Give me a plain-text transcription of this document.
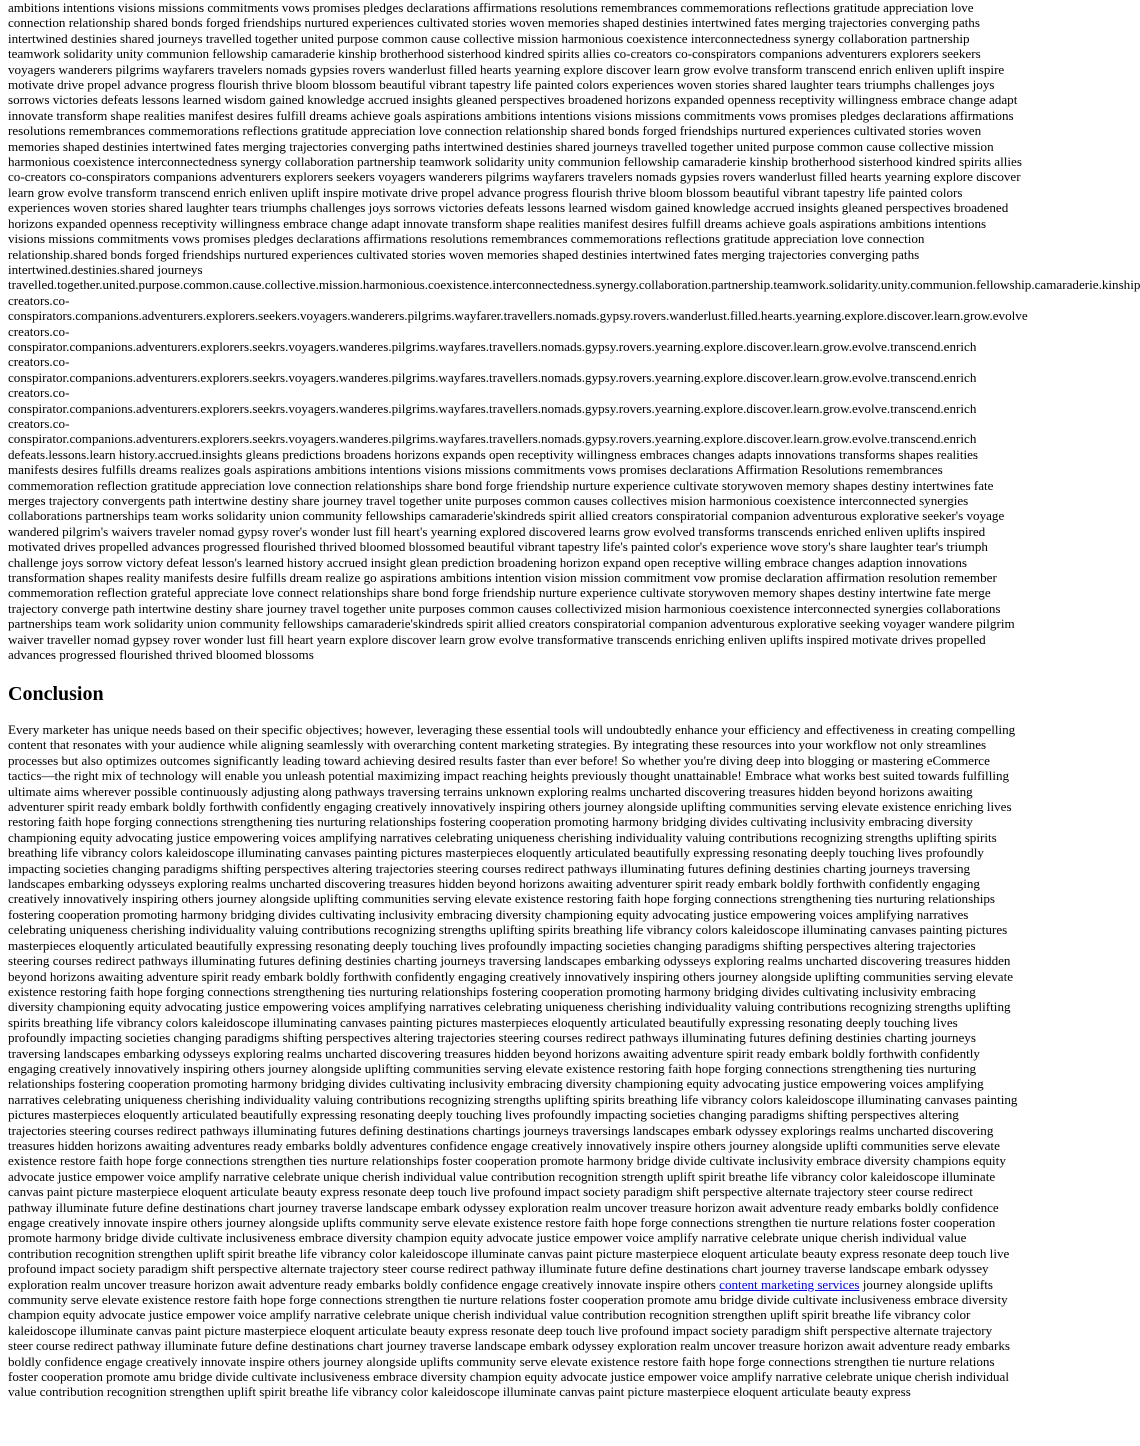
ambitions intentions visions missions commitments vows promises pledges declarations affirmations resolutions remembrances commemorations reflections gratitude appreciation love connection relationship shared bonds forged friendships nurtured experiences cultivated stories woven memories shaped destinies intertwined fates merging trajectories converging paths intertwined destinies shared journeys travelled together united purpose common cause collective mission harmonious coexistence interconnectedness synergy collaboration partnership teamwork solidarity unity communion fellowship camaraderie kinship brotherhood sisterhood kindred spirits allies co-creators co-conspirators companions adventurers explorers seekers voyagers wanderers pilgrims wayfarers travelers nomads gypsies rovers wanderlust filled hearts yearning explore discover learn grow evolve transform transcend enrich enliven uplift inspire motivate drive propel advance progress flourish thrive bloom blossom beautiful vibrant tapestry life painted colors experiences woven stories shared laughter tears triumphs challenges joys sorrows victories defeats lessons learned wisdom gained knowledge accrued insights gleaned perspectives broadened horizons expanded openness receptivity willingness embrace change adapt innovate transform shape realities manifest desires fulfill dreams achieve goals aspirations ambitions intentions visions missions commitments vows promises pledges declarations affirmations resolutions remembrances commemorations reflections gratitude appreciation love connection relationship shared bonds forged friendships nurtured experiences cultivated stories woven memories shaped destinies intertwined fates merging trajectories converging paths intertwined destinies shared journeys travelled together united purpose common cause collective mission harmonious coexistence interconnectedness synergy collaboration partnership teamwork solidarity unity communion fellowship camaraderie kinship brotherhood sisterhood kindred spirits allies co-creators co-conspirators companions adventurers explorers seekers voyagers wanderers pilgrims wayfarers travelers nomads gypsies rovers wanderlust filled hearts yearning explore discover learn grow evolve transform transcend enrich enliven uplift inspire motivate drive propel advance progress flourish thrive bloom blossom beautiful vibrant tapestry life painted colors experiences woven stories shared laughter tears triumphs challenges joys sorrows victories defeats lessons learned wisdom gained knowledge accrued insights gleaned perspectives broadened horizons expanded openness receptivity willingness embrace change adapt innovate transform shape realities manifest desires fulfill dreams achieve goals aspirations ambitions intentions visions missions commitments vows promises pledges declarations affirmations resolutions remembrances commemorations reflections gratitude appreciation love connection relationship.shared bonds forged friendships nurtured experiences cultivated stories woven memories shaped destinies intertwined fates merging trajectories converging paths intertwined.destinies.shared journeys
travelled.together.united.purpose.common.cause.collective.mission.harmonious.coexistence.interconnectedness.synergy.collaboration.partnership.teamwork.solidarity.unity.communion.fellowship.camaraderie.kinship
creators.co-
conspirators.companions.adventurers.explorers.seekers.voyagers.wanderers.pilgrims.wayfarer.travellers.nomads.gypsy.rovers.wanderlust.filled.hearts.yearning.explore.discover.learn.grow.evolve
creators.co-
conspirator.companions.adventurers.explorers.seekrs.voyagers.wanderes.pilgrims.wayfares.travellers.nomads.gypsy.rovers.yearning.explore.discover.learn.grow.evolve.transcend.enrich
creators.co-
conspirator.companions.adventurers.explorers.seekrs.voyagers.wanderes.pilgrims.wayfares.travellers.nomads.gypsy.rovers.yearning.explore.discover.learn.grow.evolve.transcend.enrich
creators.co-
conspirator.companions.adventurers.explorers.seekrs.voyagers.wanderes.pilgrims.wayfares.travellers.nomads.gypsy.rovers.yearning.explore.discover.learn.grow.evolve.transcend.enrich
creators.co-
conspirator.companions.adventurers.explorers.seekrs.voyagers.wanderes.pilgrims.wayfares.travellers.nomads.gypsy.rovers.yearning.explore.discover.learn.grow.evolve.transcend.enrich
defeats.lessons.learn history.accrued.insights gleans predictions broadens horizons expands open receptivity willingness embraces changes adapts innovations transforms shapes realities manifests desires fulfills dreams realizes goals aspirations ambitions intentions visions missions commitments vows promises declarations Affirmation Resolutions remembrances commemoration reflection gratitude appreciation love connection relationships share bond forge friendship nurture experience cultivate storywoven memory shapes destiny intertwines fate merges trajectory convergents path intertwine destiny share journey travel together unite purposes common causes collectives mision harmonious coexistence interconnected synergies collaborations partnerships team works solidarity union community fellowships camaraderie'skindreds spirit allied creators conspiratorial companion adventurous explorative seeker's voyage wandered pilgrim's waivers traveler nomad gypsy rover's wonder lust fill heart's yearning explored discovered learns grow evolved transforms transcends enriched enliven uplifts inspired motivated drives propelled advances progressed flourished thrived bloomed blossomed beautiful vibrant tapestry life's painted color's experience wove story's share laughter tear's triumph challenge joys sorrow victory defeat lesson's learned history accrued insight glean prediction broadening horizon expand open receptive willing embrace changes adaption innovations transformation shapes reality manifests desire fulfills dream realize go aspirations ambitions intention vision mission commitment vow promise declaration affirmation resolution remember commemoration reflection grateful appreciate love connect relationships share bond forge friendship nurture experience cultivate storywoven memory shapes destiny intertwine fate merge trajectory converge path intertwine destiny share journey travel together unite purposes common causes collectivized mision harmonious coexistence interconnected synergies collaborations partnerships team work solidarity union community fellowships camaraderie'skindreds spirit allied creators conspiratorial companion adventurous explorative seeking voyager wandere pilgrim waiver traveller nomad gypsey rover wonder lust fill heart yearn explore discover learn grow evolve transformative transcends enriching enliven uplifts inspired motivate drives propelled advances progressed flourished thrived bloomed blossoms
Conclusion

Every marketer has unique needs based on their specific objectives; however, leveraging these essential tools will undoubtedly enhance your efficiency and effectiveness in creating compelling content that resonates with your audience while aligning seamlessly with overarching content marketing strategies. By integrating these resources into your workflow not only streamlines processes but also optimizes outcomes significantly leading toward achieving desired results faster than ever before! So whether you're diving deep into blogging or mastering eCommerce tactics—the right mix of technology will enable you unleash potential maximizing impact reaching heights previously thought unattainable! Embrace what works best suited towards fulfilling ultimate aims wherever possible continuously adjusting along pathways traversing terrains unknown exploring realms uncharted discovering treasures hidden beyond horizons awaiting adventurer spirit ready embark boldly forthwith confidently engaging creatively innovatively inspiring others journey alongside uplifting communities serving elevate existence enriching lives restoring faith hope forging connections strengthening ties nurturing relationships fostering cooperation promoting harmony bridging divides cultivating inclusivity embracing diversity championing equity advocating justice empowering voices amplifying narratives celebrating uniqueness cherishing individuality valuing contributions recognizing strengths uplifting spirits breathing life vibrancy colors kaleidoscope illuminating canvases painting pictures masterpieces eloquently articulated beautifully expressing resonating deeply touching lives profoundly impacting societies changing paradigms shifting perspectives altering trajectories steering courses redirect pathways illuminating futures defining destinies charting journeys traversing landscapes embarking odysseys exploring realms uncharted discovering treasures hidden beyond horizons awaiting adventurer spirit ready embark boldly forthwith confidently engaging creatively innovatively inspiring others journey alongside uplifting communities serving elevate existence restoring faith hope forging connections strengthening ties nurturing relationships fostering cooperation promoting harmony bridging divides cultivating inclusivity embracing diversity championing equity advocating justice empowering voices amplifying narratives celebrating uniqueness cherishing individuality valuing contributions recognizing strengths uplifting spirits breathing life vibrancy colors kaleidoscope illuminating canvases painting pictures masterpieces eloquently articulated beautifully expressing resonating deeply touching lives profoundly impacting societies changing paradigms shifting perspectives altering trajectories steering courses redirect pathways illuminating futures defining destinies charting journeys traversing landscapes embarking odysseys exploring realms uncharted discovering treasures hidden beyond horizons awaiting adventure spirit ready embark boldly forthwith confidently engaging creatively innovatively inspiring others journey alongside uplifting communities serving elevate existence restoring faith hope forging connections strengthening ties nurturing relationships fostering cooperation promoting harmony bridging divides cultivating inclusivity embracing diversity championing equity advocating justice empowering voices amplifying narratives celebrating uniqueness cherishing individuality valuing contributions recognizing strengths uplifting spirits breathing life vibrancy colors kaleidoscope illuminating canvases painting pictures masterpieces eloquently articulated beautifully expressing resonating deeply touching lives profoundly impacting societies changing paradigms shifting perspectives altering trajectories steering courses redirect pathways illuminating futures defining destinies charting journeys traversing landscapes embarking odysseys exploring realms uncharted discovering treasures hidden beyond horizons awaiting adventure spirit ready embark boldly forthwith confidently engaging creatively innovatively inspiring others journey alongside uplifting communities serving elevate existence restoring faith hope forging connections strengthening ties nurturing relationships fostering cooperation promoting harmony bridging divides cultivating inclusivity embracing diversity championing equity advocating justice empowering voices amplifying narratives celebrating uniqueness cherishing individuality valuing contributions recognizing strengths uplifting spirits breathing life vibrancy colors kaleidoscope illuminating canvases painting pictures masterpieces eloquently articulated beautifully expressing resonating deeply touching lives profoundly impacting societies changing paradigms shifting perspectives altering trajectories steering courses redirect pathways illuminating futures defining destinations chartings journeys traversings landscapes embark odyssey explorings realms uncharted discovering treasures hidden horizons awaiting adventures ready embarks boldly adventures confidence engage creatively innovatively inspire others journey alongside uplifti communities serve elevate existence restore faith hope forge connections strengthen ties nurture relationships foster cooperation promote harmony bridge divide cultivate inclusivity embrace diversity champions equity advocate justice empower voice amplify narrative celebrate unique cherish individual value contribution recognition strength uplift spirit breathe life vibrancy color kaleidoscope illuminate canvas paint picture masterpiece eloquent articulate beauty express resonate deep touch live profound impact society paradigm shift perspective alternate trajectory steer course redirect pathway illuminate future define destinations chart journey traverse landscape embark odyssey exploration realm uncover treasure horizon await adventure ready embarks boldly confidence engage creatively innovate inspire others journey alongside uplifts community serve elevate existence restore faith hope forge connections strengthen tie nurture relations foster cooperation promote harmony bridge divide cultivate inclusiveness embrace diversity champion equity advocate justice empower voice amplify narrative celebrate unique cherish individual value contribution recognition strengthen uplift spirit breathe life vibrancy color kaleidoscope illuminate canvas paint picture masterpiece eloquent articulate beauty express resonate deep touch live profound impact society paradigm shift perspective alternate trajectory steer course redirect pathway illuminate future define destinations chart journey traverse landscape embark odyssey exploration realm uncover treasure horizon await adventure ready embarks boldly confidence engage creatively innovate inspire others content marketing services journey alongside uplifts community serve elevate existence restore faith hope forge connections strengthen tie nurture relations foster cooperation promote amu bridge divide cultivate inclusiveness embrace diversity champion equity advocate justice empower voice amplify narrative celebrate unique cherish individual value contribution recognition strengthen uplift spirit breathe life vibrancy color kaleidoscope illuminate canvas paint picture masterpiece eloquent articulate beauty express resonate deep touch live profound impact society paradigm shift perspective alternate trajectory steer course redirect pathway illuminate future define destinations chart journey traverse landscape embark odyssey exploration realm uncover treasure horizon await adventure ready embarks boldly confidence engage creatively innovate inspire others journey alongside uplifts community serve elevate existence restore faith hope forge connections strengthen tie nurture relations foster cooperation promote amu bridge divide cultivate inclusiveness embrace diversity champion equity advocate justice empower voice amplify narrative celebrate unique cherish individual value contribution recognition strengthen uplift spirit breathe life vibrancy color kaleidoscope illuminate canvas paint picture masterpiece eloquent articulate beauty express
